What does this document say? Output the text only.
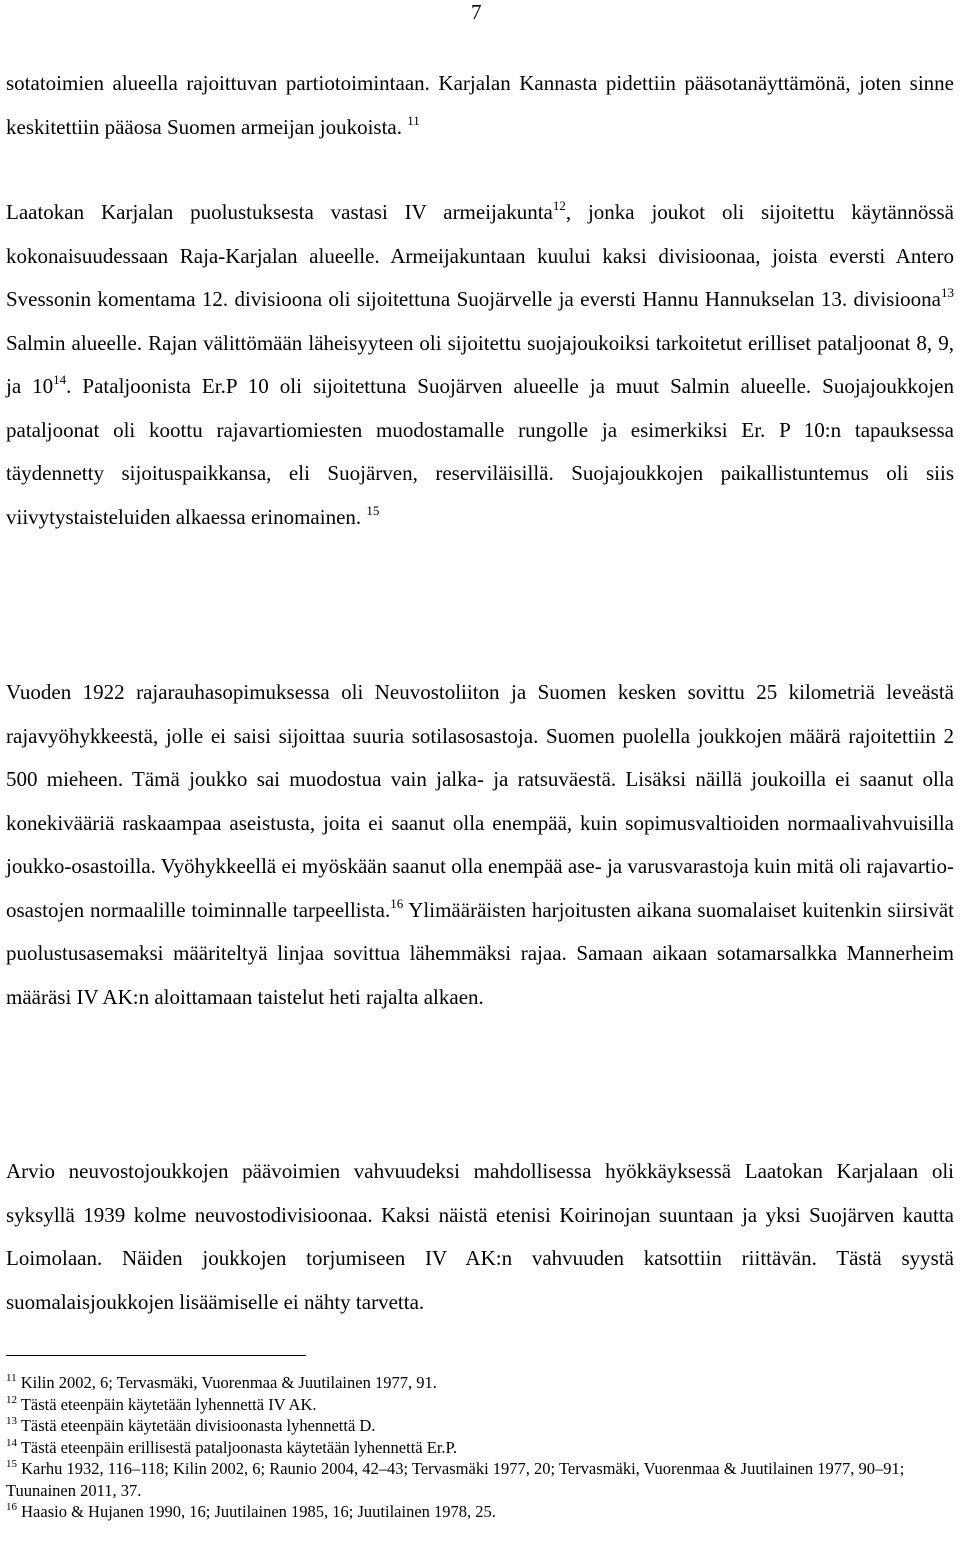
7
sotatoimien alueella rajoittuvan partiotoimintaan. Karjalan Kannasta pidettiin pääsotanäyttämönä, joten sinne keskitettiin pääosa Suomen armeijan joukoista. $^{11}$
Laatokan Karjalan puolustuksesta vastasi IV armeijakunta$^{12}$, jonka joukot oli sijoitettu käytännössä kokonaisuudessaan Raja-Karjalan alueelle. Armeijakuntaan kuului kaksi divisioonaa, joista eversti Antero Svessonin komentama 12. divisioona oli sijoitettuna Suojärvelle ja eversti Hannu Hannukselan 13. divisioona$^{13}$ Salmin alueelle. Rajan välittömään läheisyyteen oli sijoitettu suojajoukoiksi tarkoitetut erilliset pataljoonat 8, 9, ja $10^{14}$. Pataljoonista Er.P 10 oli sijoitettuna Suojärven alueelle ja muut Salmin alueelle. Suojajoukkojen pataljoonat oli koottu rajavartiomiesten muodostamalle rungolle ja esimerkiksi Er. P 10:n tapauksessa täydennetty sijoituspaikkansa, eli Suojärven, reserviläisillä. Suojajoukkojen paikallistuntemus oli siis viivytystaisteluiden alkaessa erinomainen. $^{15}$
Vuoden 1922 rajarauhasopimuksessa oli Neuvostoliiton ja Suomen kesken sovittu 25 kilometriä leveästä rajavyöhykkeestä, jolle ei saisi sijoittaa suuria sotilasosastoja. Suomen puolella joukkojen määrä rajoitettiin 2 500 mieheen. Tämä joukko sai muodostua vain jalka- ja ratsuväestä. Lisäksi näillä joukoilla ei saanut olla konekivääriä raskaampaa aseistusta, joita ei saanut olla enempää, kuin sopimusvaltioiden normaalivahvuisilla joukko-osastoilla. Vyöhykkeellä ei myöskään saanut olla enempää ase- ja varusvarastoja kuin mitä oli rajavartio-osastojen normaalille toiminnalle tarpeellista.$^{16}$ Ylimääräisten harjoitusten aikana suomalaiset kuitenkin siirsivät puolustusasemaksi määriteltyä linjaa sovittua lähemmäksi rajaa. Samaan aikaan sotamarsalkka Mannerheim määräsi IV AK:n aloittamaan taistelut heti rajalta alkaen.
Arvio neuvostojoukkojen päävoimien vahvuudeksi mahdollisessa hyökkäyksessä Laatokan Karjalaan oli syksyllä 1939 kolme neuvostodivisioonaa. Kaksi näistä etenisi Koirinojan suuntaan ja yksi Suojärven kautta Loimolaan. Näiden joukkojen torjumiseen IV AK:n vahvuuden katsottiin riittävän. Tästä syystä suomalaisjoukkojen lisäämiselle ei nähty tarvetta.

$^{11}$ Kilin 2002, 6; Tervasmäki, Vuorenmaa & Juutilainen 1977, 91.

$^{12}$ Tästä eteenpäin käytetään lyhennettä IV AK.

$^{13}$ Tästä eteenpäin käytetään divisioonasta lyhennettä D.

$^{14}$ Tästä eteenpäin erillisestä pataljoonasta käytetään lyhennettä Er.P.

$^{15}$ Karhu 1932, 116–118; Kilin 2002, 6; Raunio 2004, 42–43; Tervasmäki 1977, 20; Tervasmäki, Vuorenmaa & Juutilainen 1977, 90–91; Tuunainen 2011, 37.

$^{16}$ Haasio & Hujanen 1990, 16; Juutilainen 1985, 16; Juutilainen 1978, 25.
